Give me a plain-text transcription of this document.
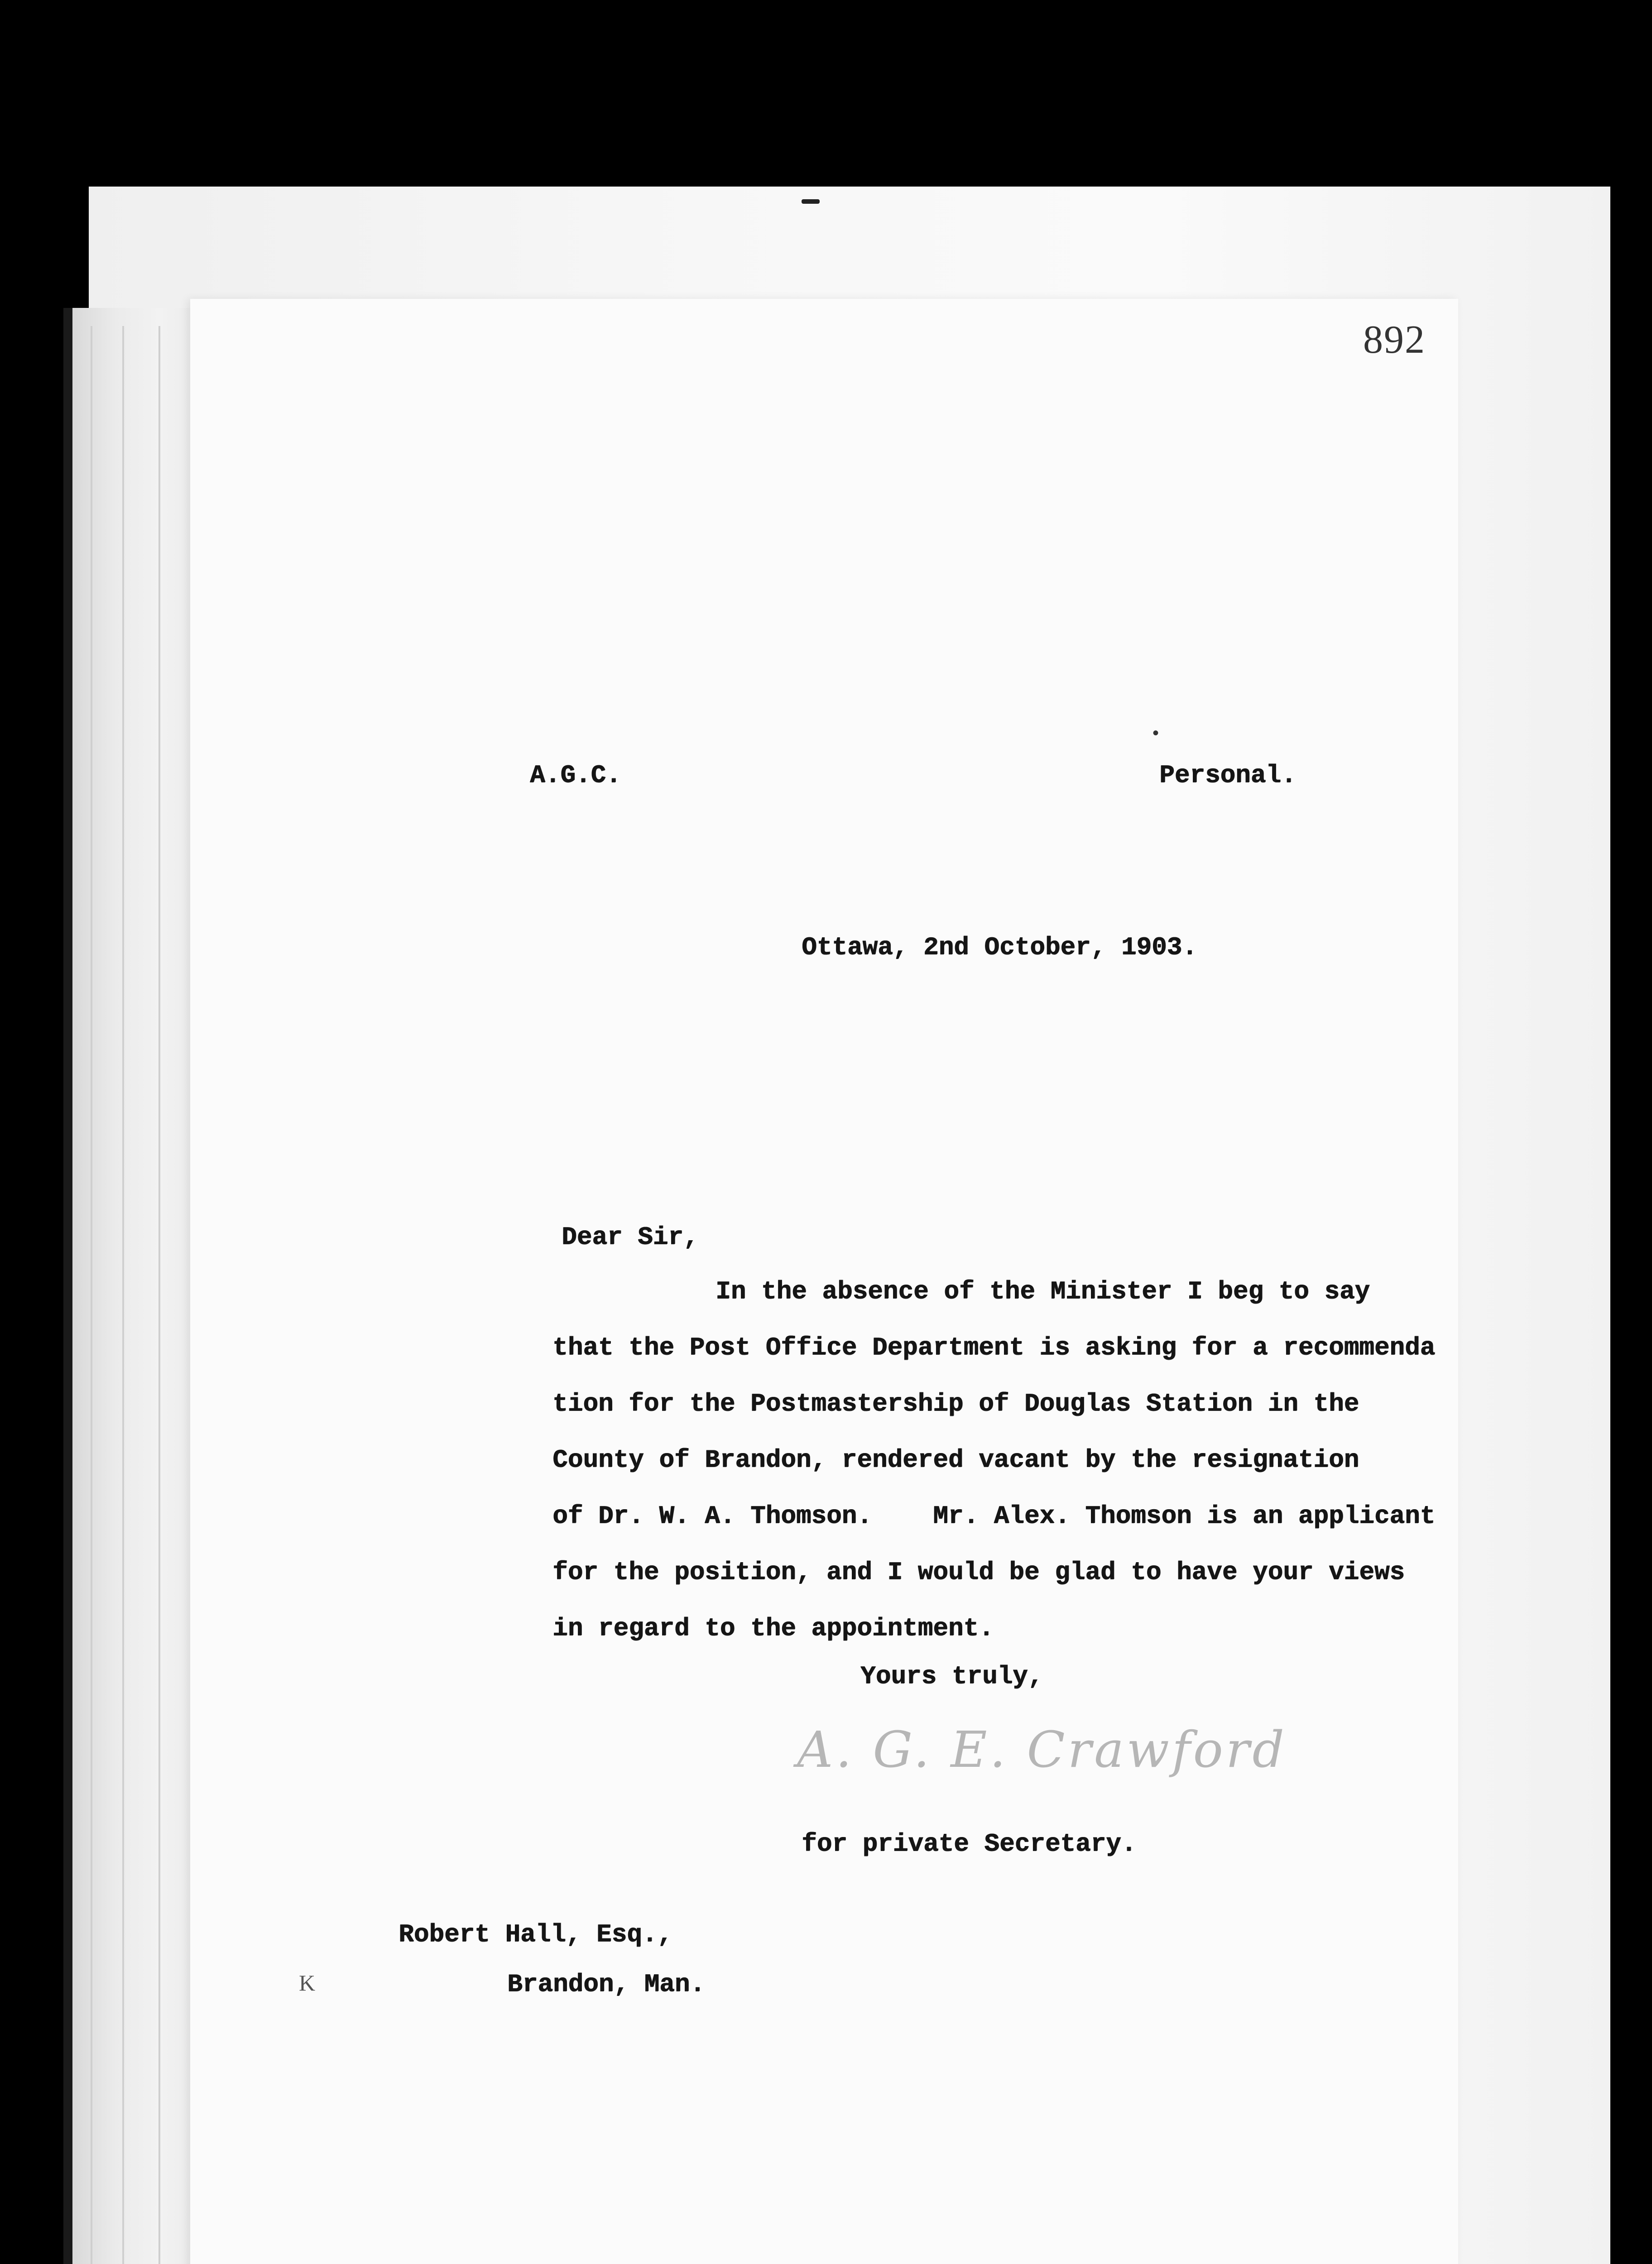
892
•
A.G.C.	Personal.
Ottawa, 2nd October, 1903.
Dear Sir,
In the absence of the Minister I beg to say
that the Post Office Department is asking for a recommenda
tion for the Postmastership of Douglas Station in the
County of Brandon, rendered vacant by the resignation
of Dr. W. A. Thomson.    Mr. Alex. Thomson is an applicant
for the position, and I would be glad to have your views
in regard to the appointment.
Yours truly,
A. G. E. Crawford
for private Secretary.
Robert Hall, Esq.,
K	Brandon, Man.
